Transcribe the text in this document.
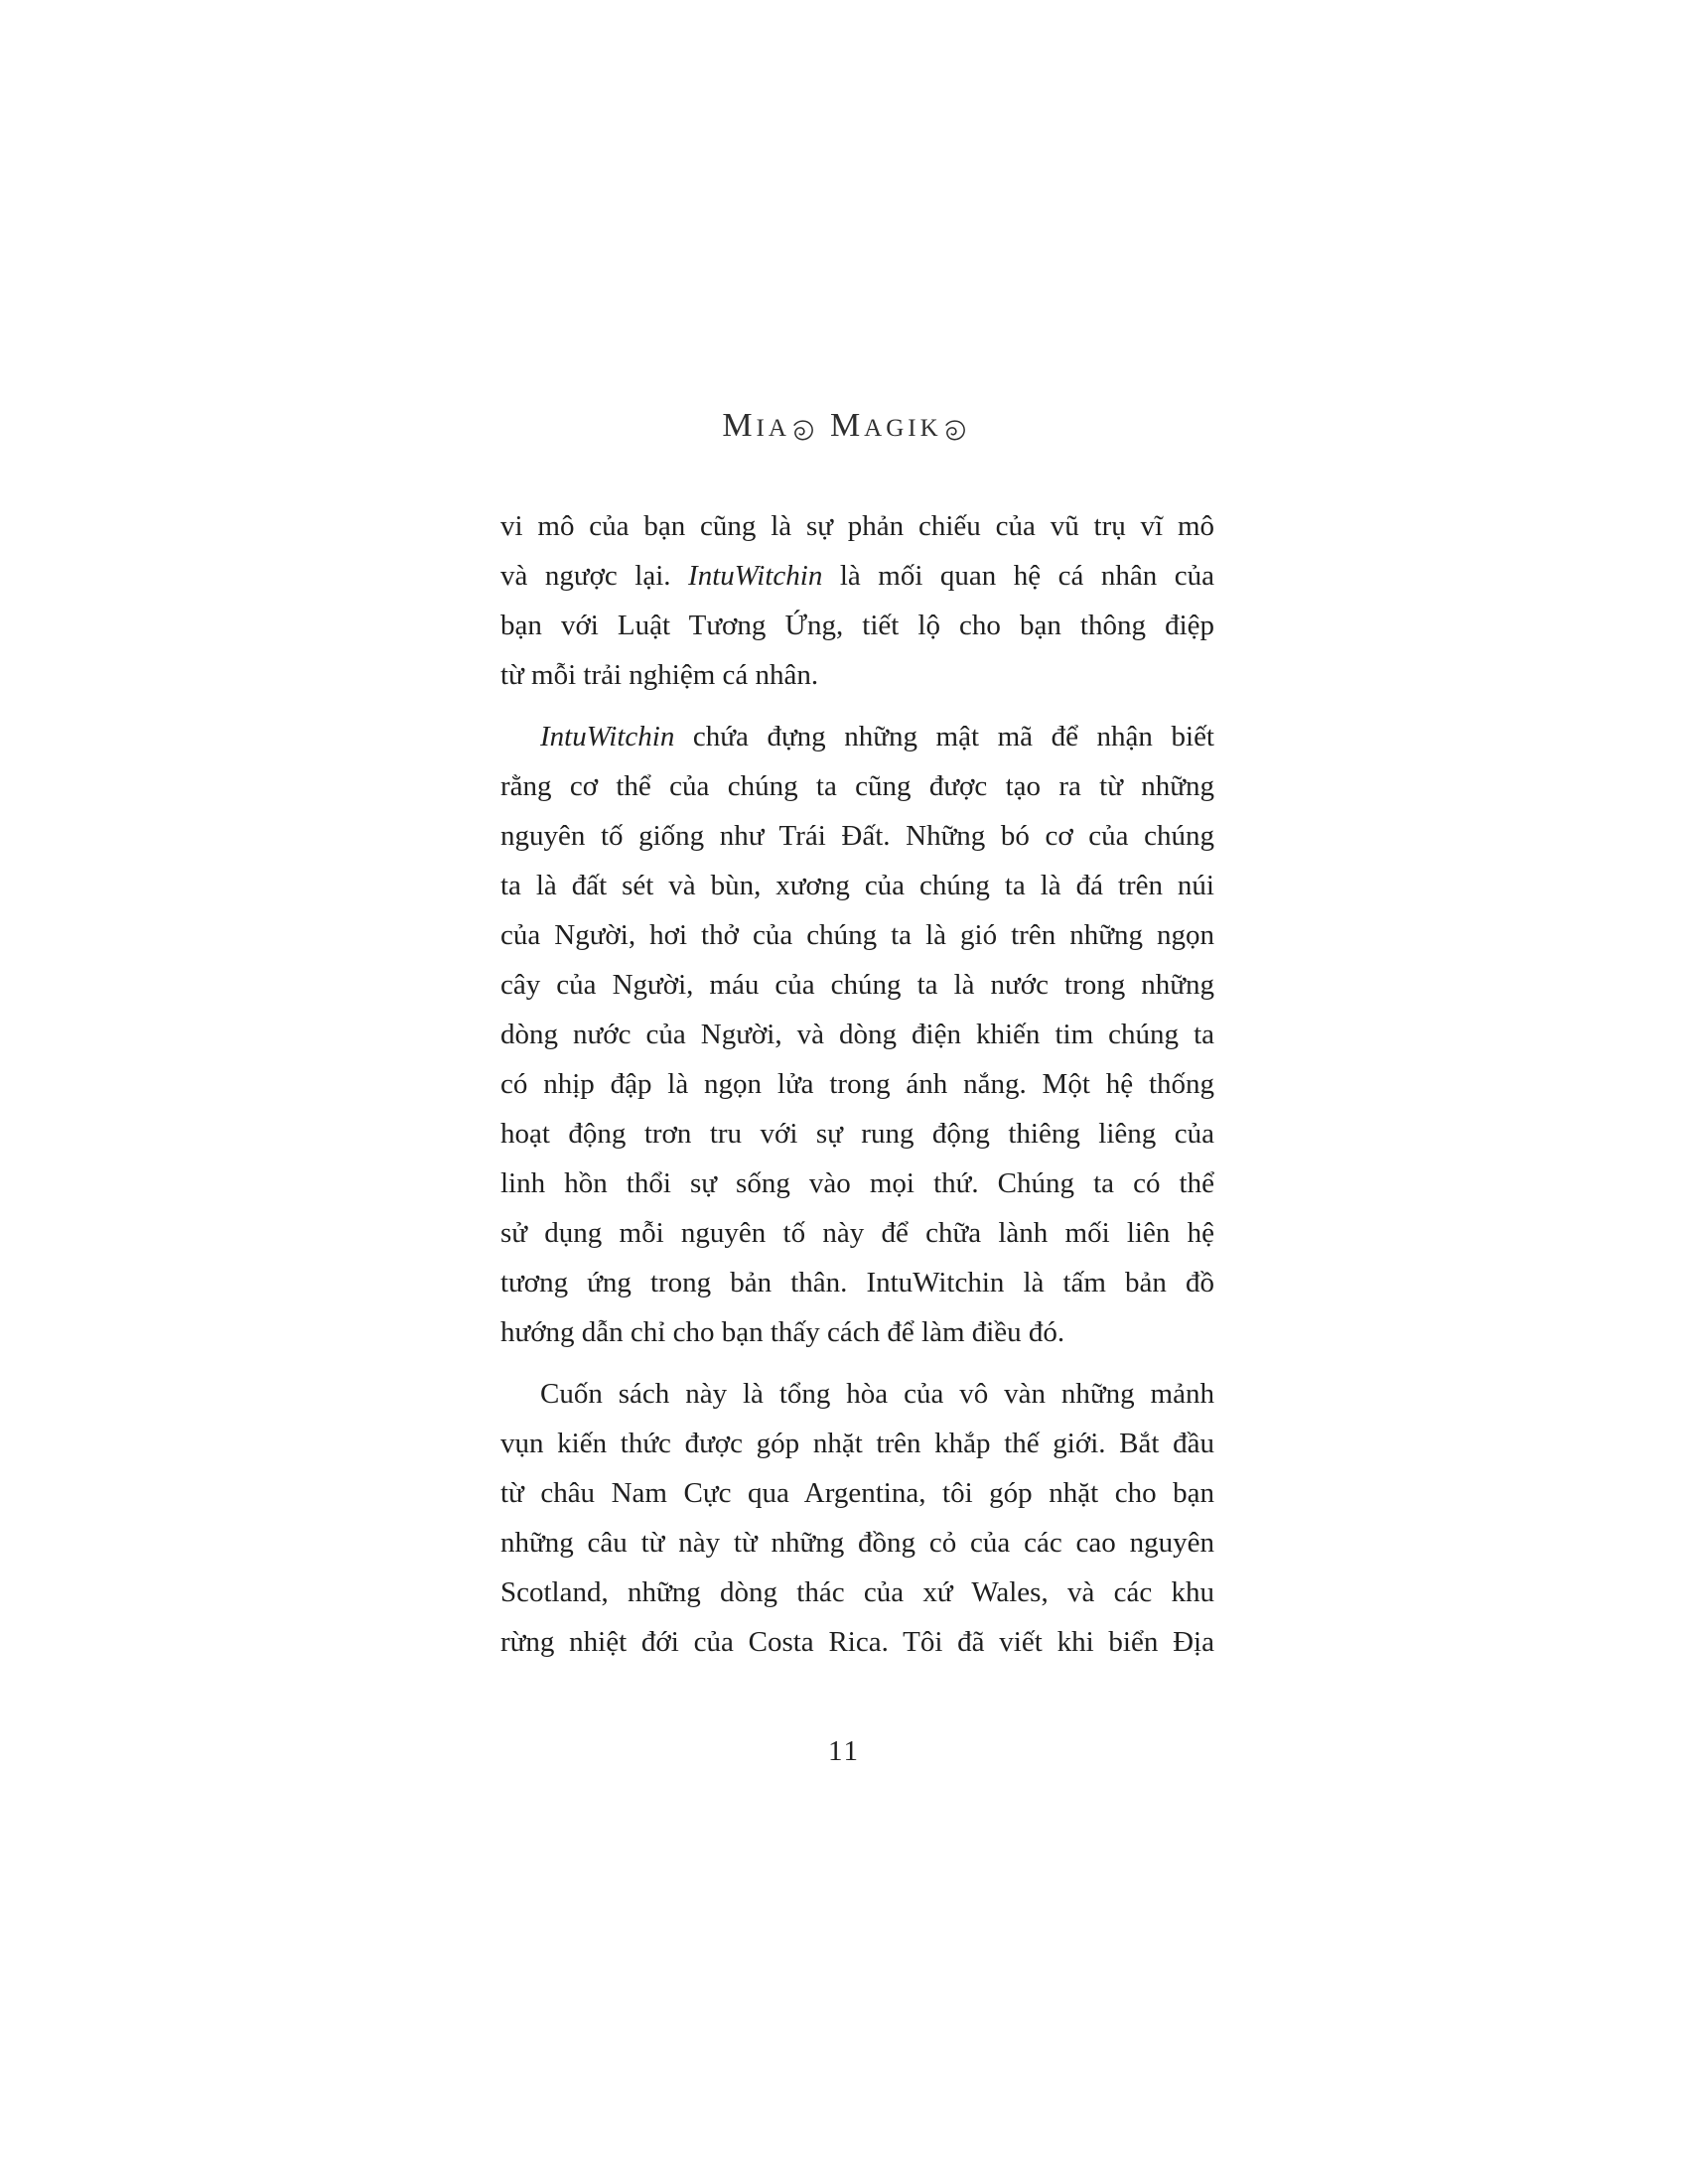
MIA MAGIK
vi mô của bạn cũng là sự phản chiếu của vũ trụ vĩ mô
và ngược lại. IntuWitchin là mối quan hệ cá nhân của
bạn với Luật Tương Ứng, tiết lộ cho bạn thông điệp
từ mỗi trải nghiệm cá nhân.
IntuWitchin chứa đựng những mật mã để nhận biết
rằng cơ thể của chúng ta cũng được tạo ra từ những
nguyên tố giống như Trái Đất. Những bó cơ của chúng
ta là đất sét và bùn, xương của chúng ta là đá trên núi
của Người, hơi thở của chúng ta là gió trên những ngọn
cây của Người, máu của chúng ta là nước trong những
dòng nước của Người, và dòng điện khiến tim chúng ta
có nhịp đập là ngọn lửa trong ánh nắng. Một hệ thống
hoạt động trơn tru với sự rung động thiêng liêng của
linh hồn thổi sự sống vào mọi thứ. Chúng ta có thể
sử dụng mỗi nguyên tố này để chữa lành mối liên hệ
tương ứng trong bản thân. IntuWitchin là tấm bản đồ
hướng dẫn chỉ cho bạn thấy cách để làm điều đó.
Cuốn sách này là tổng hòa của vô vàn những mảnh
vụn kiến thức được góp nhặt trên khắp thế giới. Bắt đầu
từ châu Nam Cực qua Argentina, tôi góp nhặt cho bạn
những câu từ này từ những đồng cỏ của các cao nguyên
Scotland, những dòng thác của xứ Wales, và các khu
rừng nhiệt đới của Costa Rica. Tôi đã viết khi biển Địa
11
